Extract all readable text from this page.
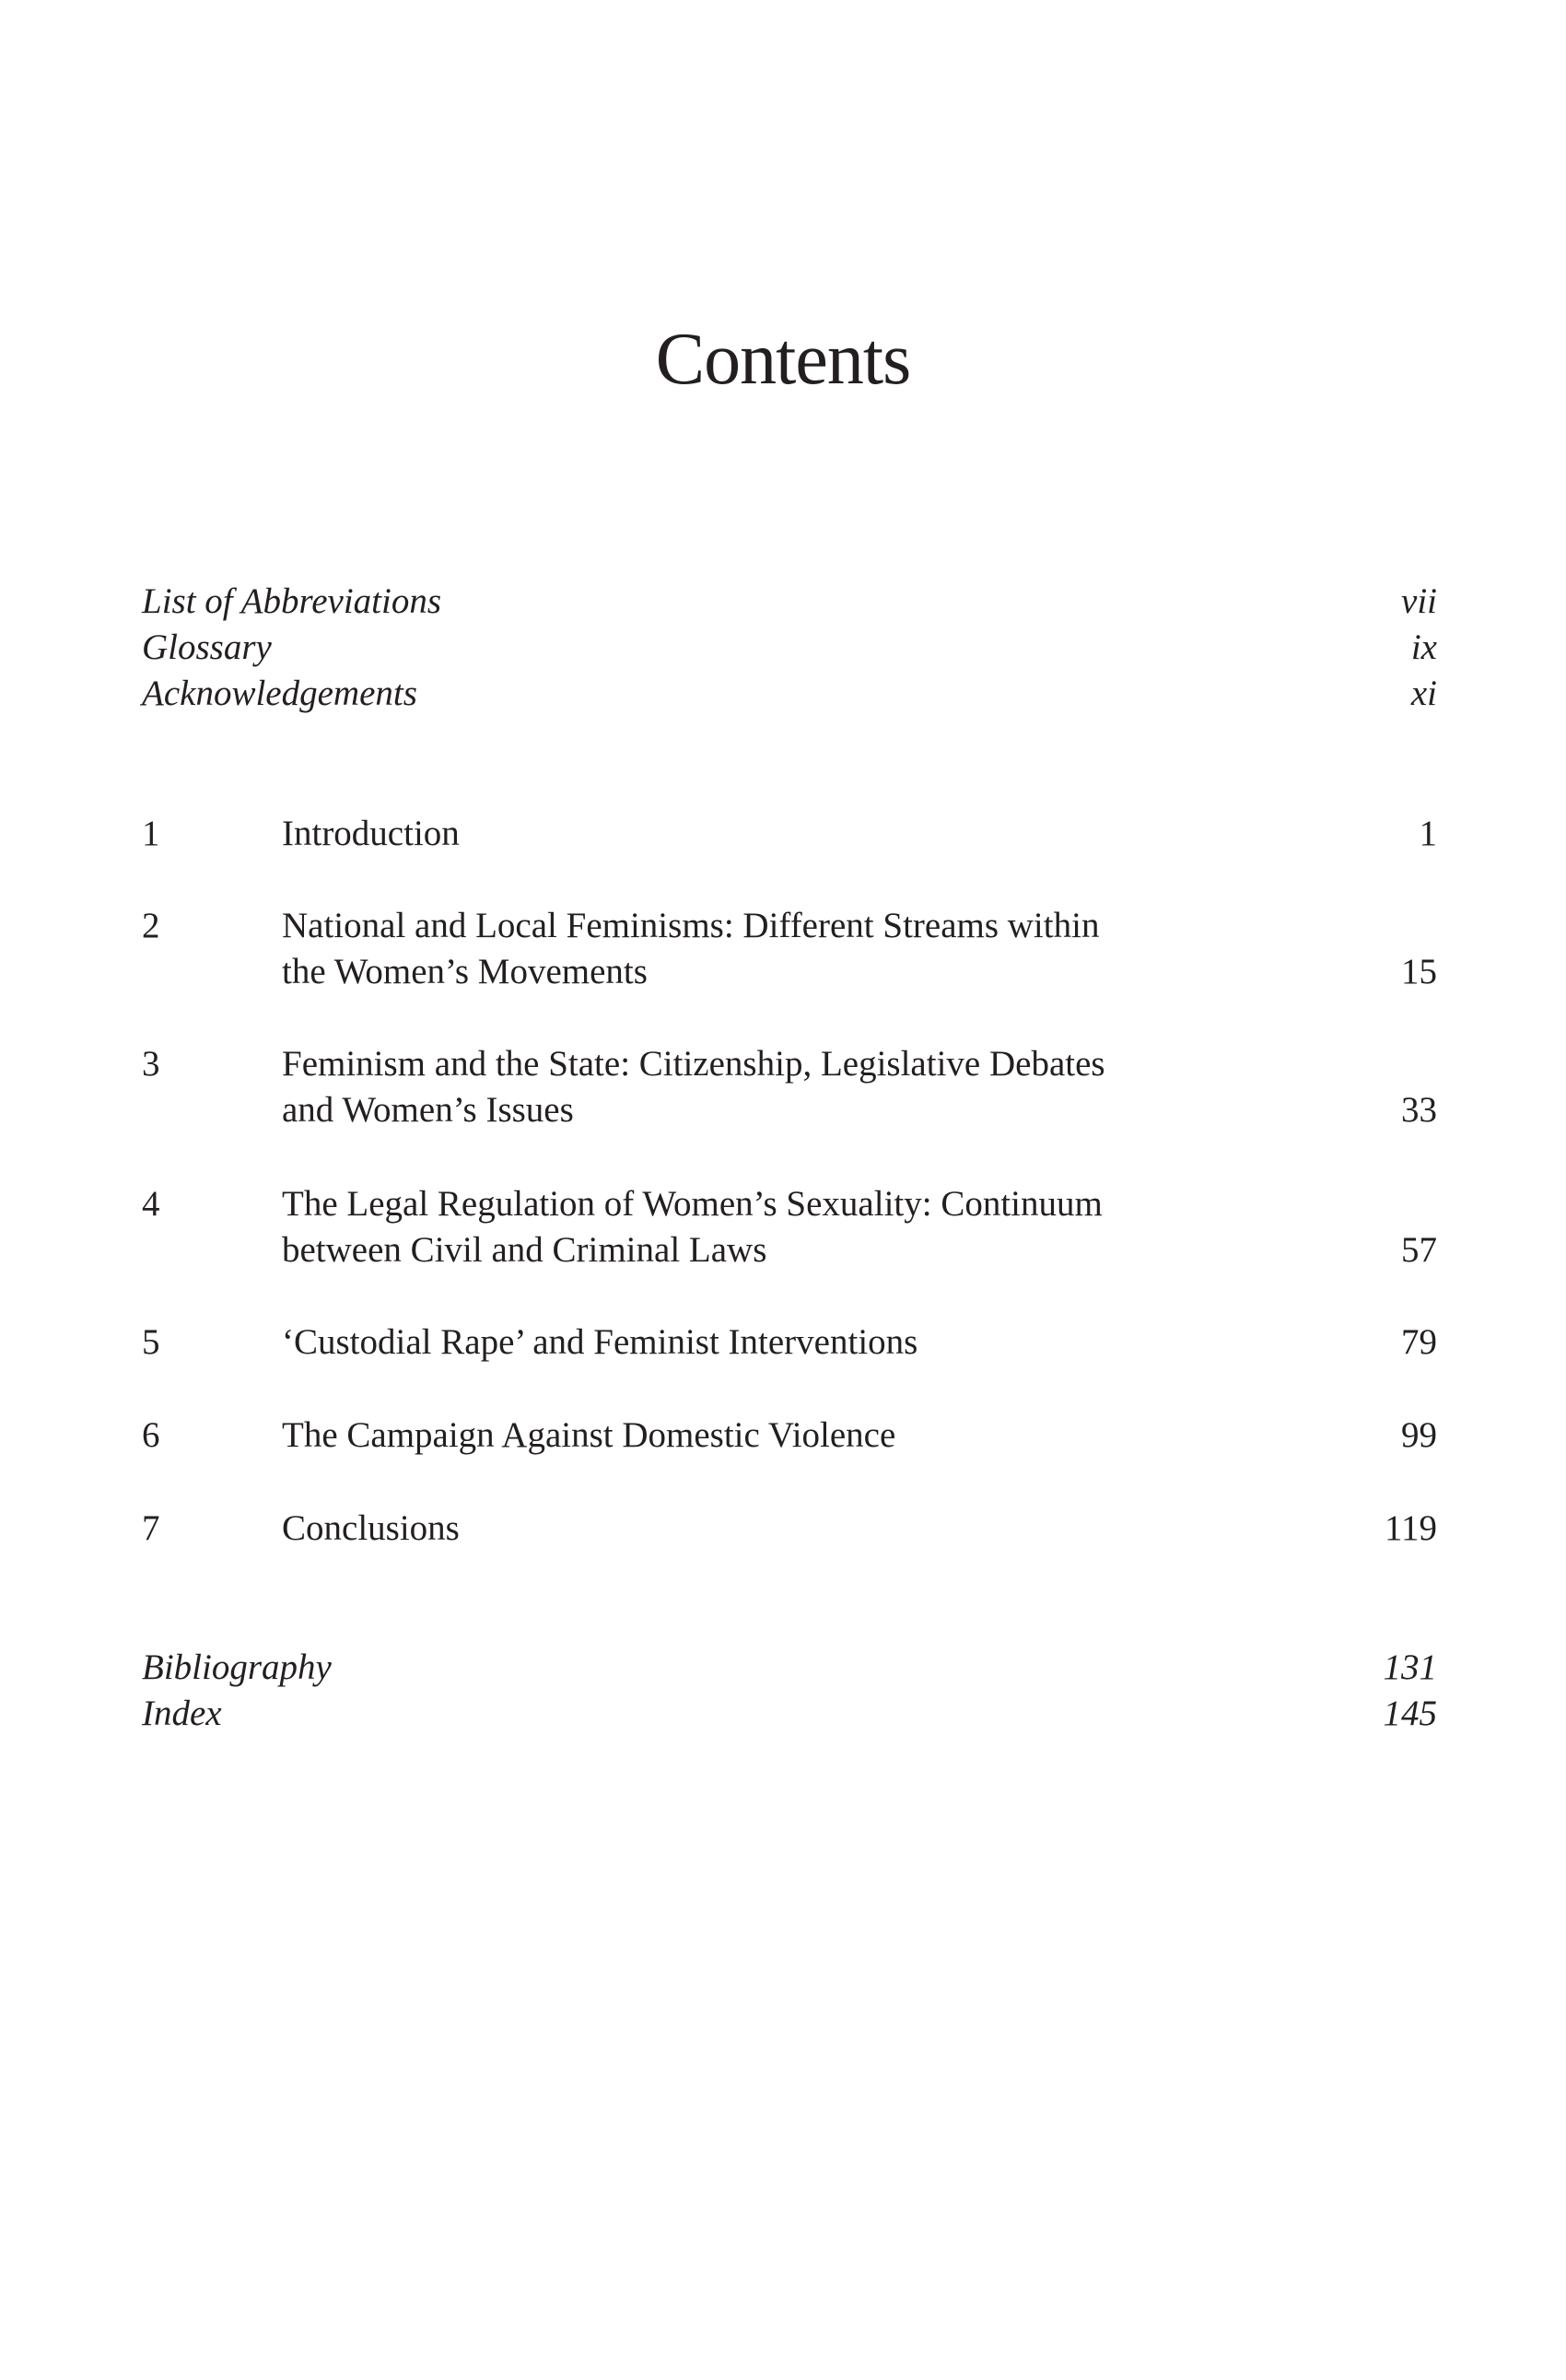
Contents
List of Abbreviations	vii
Glossary	ix
Acknowledgements	xi
1	Introduction	1
2	National and Local Feminisms: Different Streams within
the Women’s Movements	15
3	Feminism and the State: Citizenship, Legislative Debates
and Women’s Issues	33
4	The Legal Regulation of Women’s Sexuality: Continuum
between Civil and Criminal Laws	57
5	‘Custodial Rape’ and Feminist Interventions	79
6	The Campaign Against Domestic Violence	99
7	Conclusions	119
Bibliography	131
Index	145
